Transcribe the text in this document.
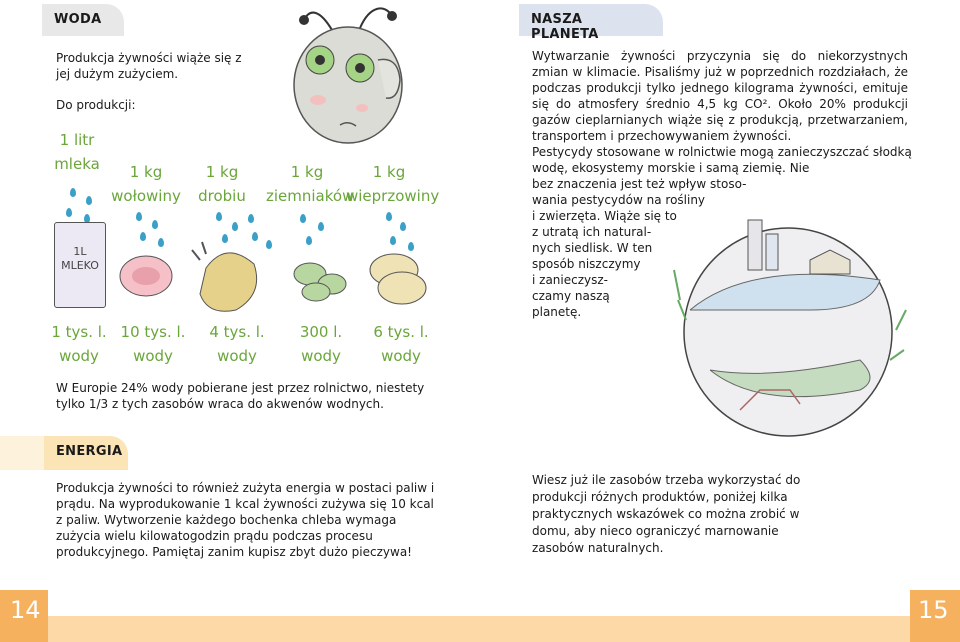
WODA
Produkcja żywności wiąże się z jej dużym zużyciem.
Do produkcji:
1 litr
mleka	1 kg
wołowiny
1 kg
drobiu
1 kg
ziemniaków
1 kg
wieprzowiny
1L
MLEKO
1 tys. l.
wody
10 tys. l.
wody
4 tys. l.
wody
300 l.
wody
6 tys. l.
wody
W Europie 24% wody pobierane jest przez rolnictwo, niestety tylko 1/3 z tych zasobów wraca do akwenów wodnych.
ENERGIA
Produkcja żywności to również zużyta energia w postaci paliw i prądu. Na wyprodukowanie 1 kcal żywności zużywa się 10 kcal z paliw. Wytworzenie każdego bochenka chleba wymaga zużycia wielu kilowatogodzin prądu podczas procesu produkcyjnego. Pamiętaj zanim kupisz zbyt dużo pieczywa!
NASZA PLANETA
Wytwarzanie żywności przyczynia się do niekorzystnych zmian w klimacie. Pisaliśmy już w poprzednich rozdziałach, że podczas produkcji tylko jednego kilograma żywności, emituje się do atmosfery średnio 4,5 kg CO². Około 20% produkcji gazów cieplarnianych wiąże się z produkcją, przetwarzaniem, transportem i przechowywaniem żywności.
Pestycydy stosowane w rolnictwie mogą zanieczyszczać słodką
wodę, ekosystemy morskie i samą ziemię. Nie
bez znaczenia jest też wpływ stoso-
wania pestycydów na rośliny
i zwierzęta. Wiąże się to
z utratą ich natural-
nych siedlisk. W ten
sposób niszczymy
i zanieczysz-
czamy naszą
planetę.
Wiesz już ile zasobów trzeba wykorzystać do produkcji różnych produktów, poniżej kilka praktycznych wskazówek co można zrobić w domu, aby nieco ograniczyć marnowanie zasobów naturalnych.
14	15
